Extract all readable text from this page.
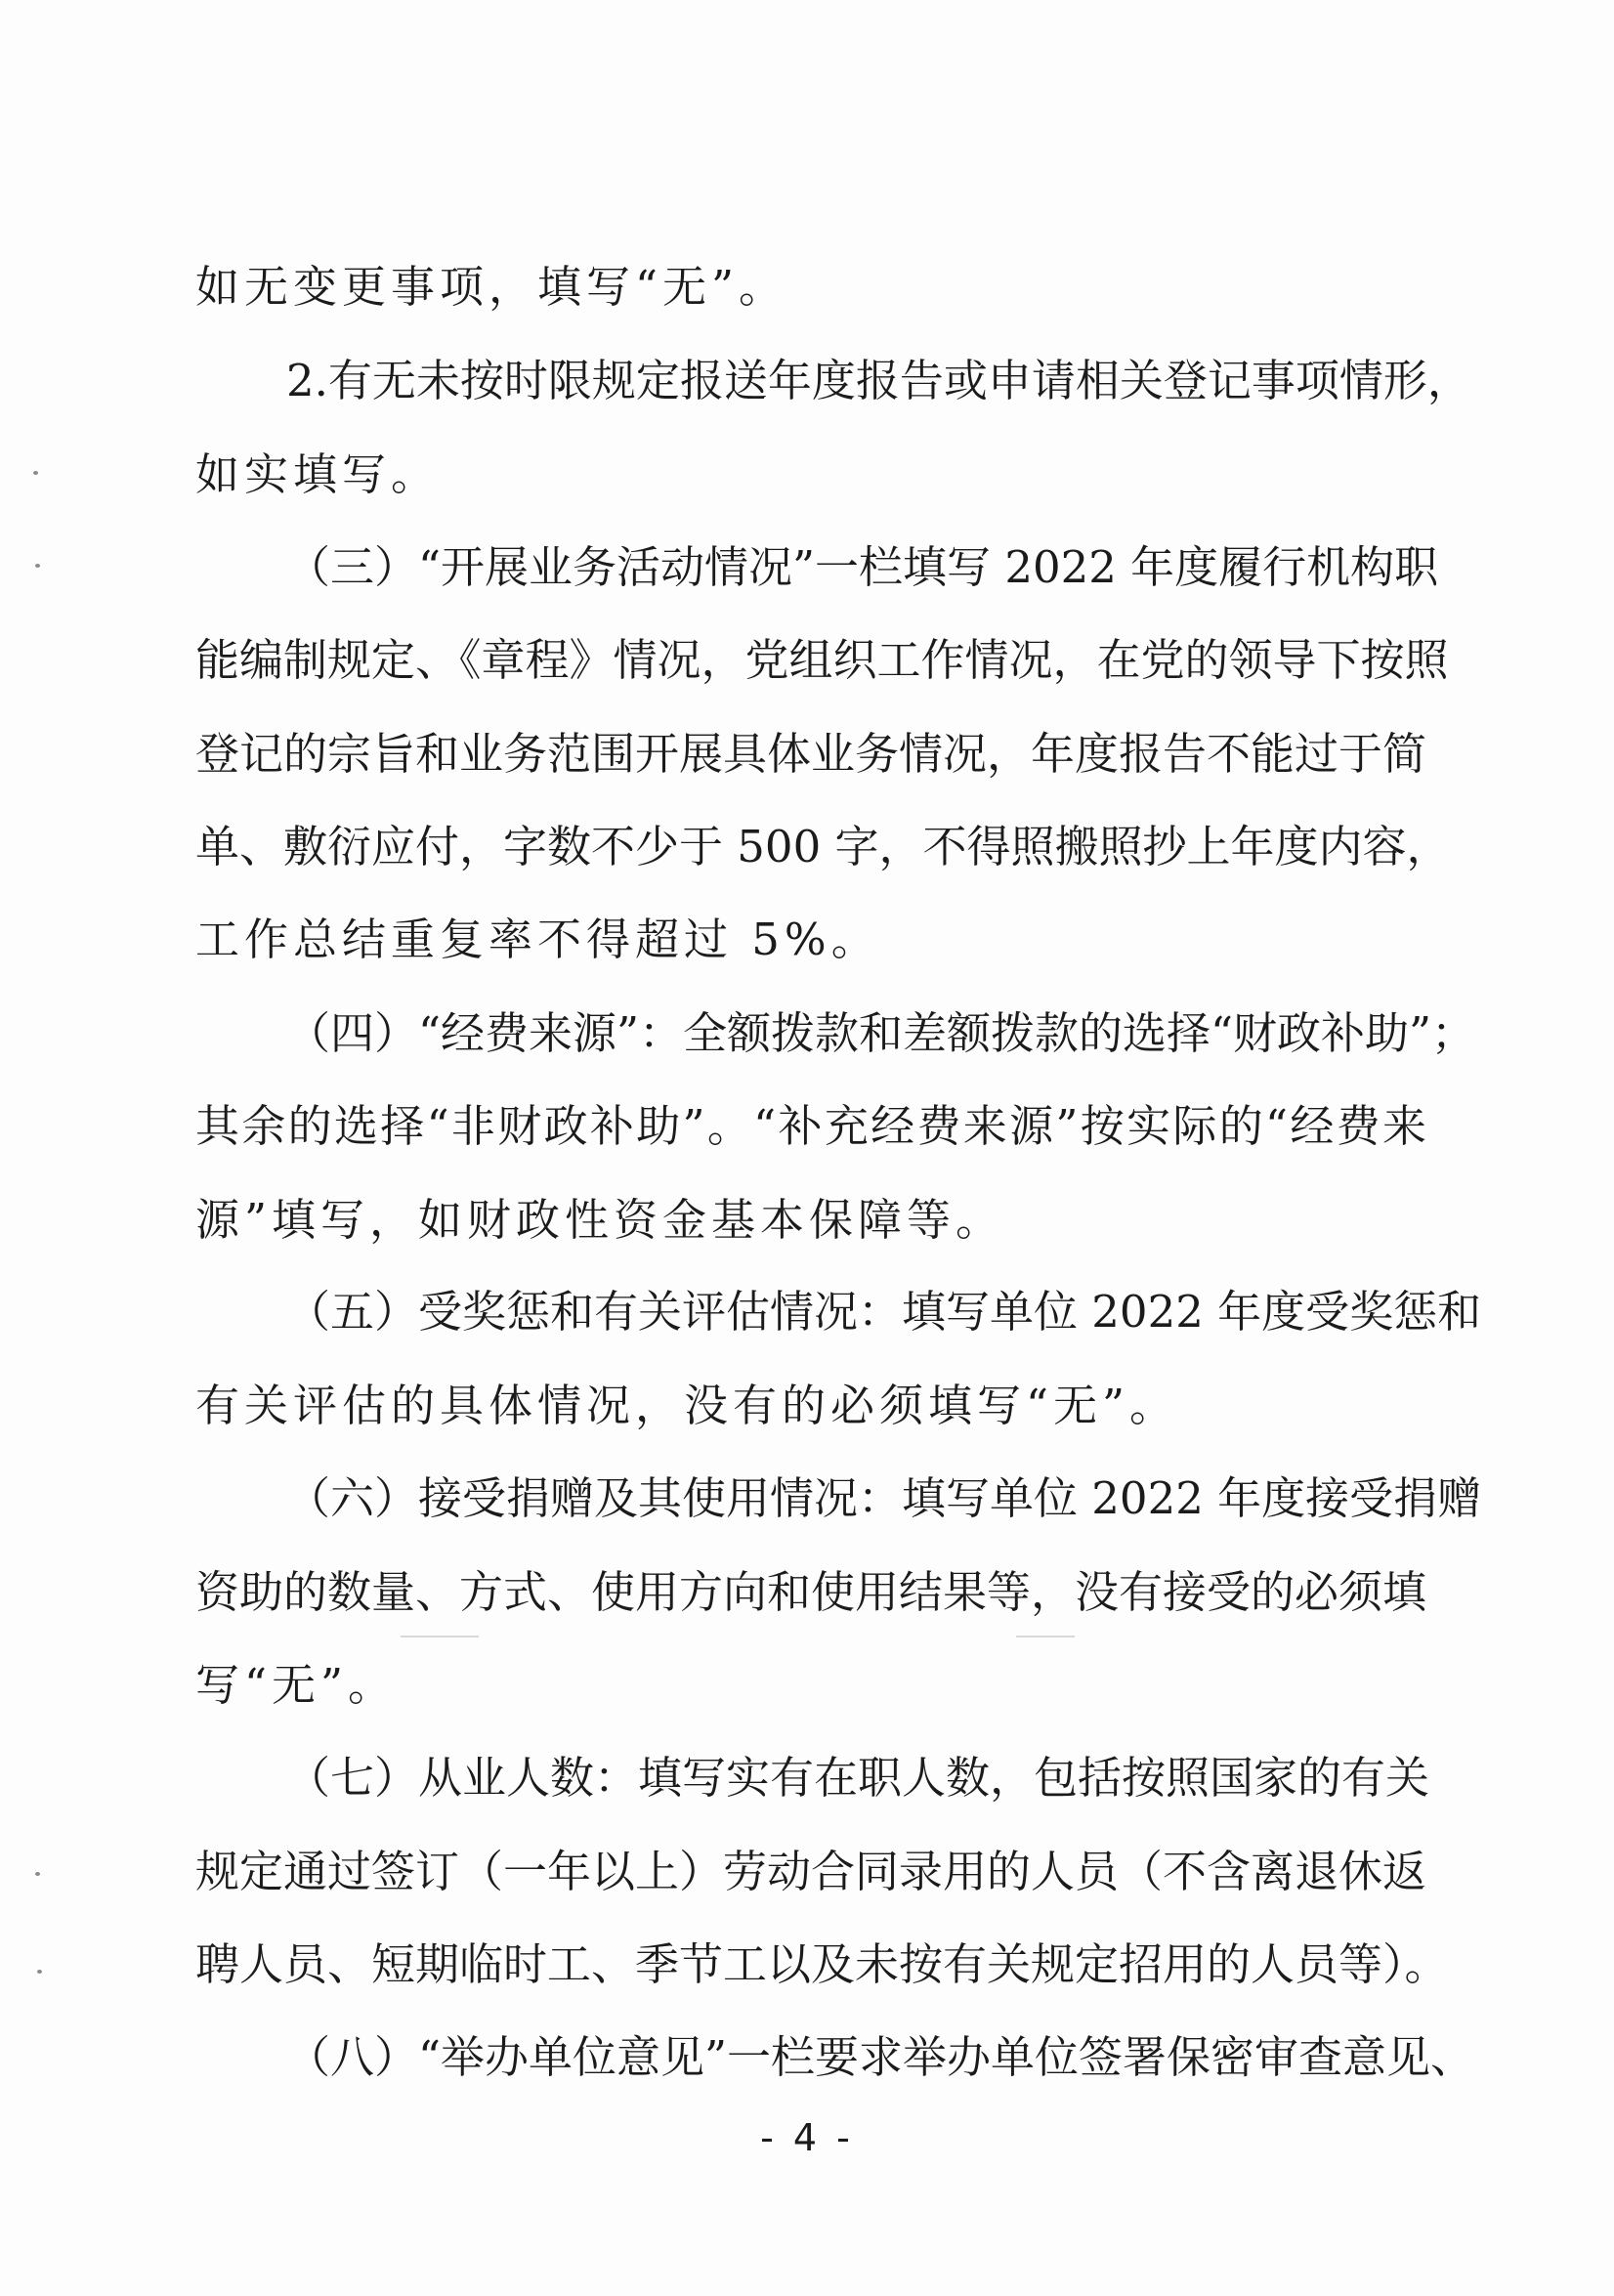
如无变更事项，填写“无”。
2.有无未按时限规定报送年度报告或申请相关登记事项情形，
如实填写。
（三）“开展业务活动情况”一栏填写 2022 年度履行机构职
能编制规定、《章程》情况，党组织工作情况，在党的领导下按照
登记的宗旨和业务范围开展具体业务情况，年度报告不能过于简
单、敷衍应付，字数不少于 500 字，不得照搬照抄上年度内容，
工作总结重复率不得超过 5%。
（四）“经费来源”：全额拨款和差额拨款的选择“财政补助”；
其余的选择“非财政补助”。“补充经费来源”按实际的“经费来
源”填写，如财政性资金基本保障等。
（五）受奖惩和有关评估情况：填写单位 2022 年度受奖惩和
有关评估的具体情况，没有的必须填写“无”。
（六）接受捐赠及其使用情况：填写单位 2022 年度接受捐赠
资助的数量、方式、使用方向和使用结果等，没有接受的必须填
写“无”。
（七）从业人数：填写实有在职人数，包括按照国家的有关
规定通过签订（一年以上）劳动合同录用的人员（不含离退休返
聘人员、短期临时工、季节工以及未按有关规定招用的人员等）。
（八）“举办单位意见”一栏要求举办单位签署保密审查意见、
- 4 -
